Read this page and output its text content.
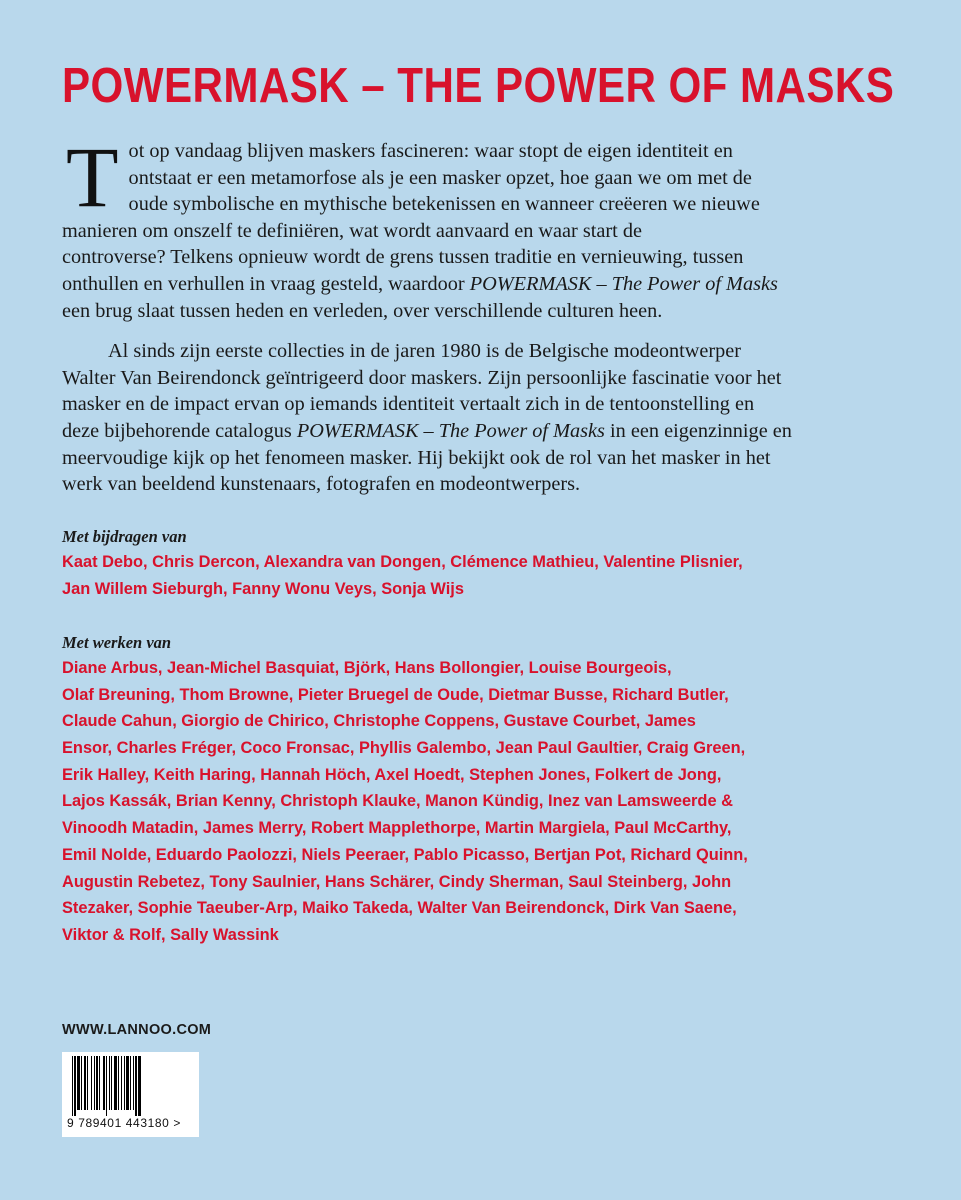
POWERMASK – THE POWER OF MASKS
T ot op vandaag blijven maskers fascineren: waar stopt de eigen identiteit en
ontstaat er een metamorfose als je een masker opzet, hoe gaan we om met de
oude symbolische en mythische betekenissen en wanneer creëeren we nieuwe
manieren om onszelf te definiëren, wat wordt aanvaard en waar start de
controverse? Telkens opnieuw wordt de grens tussen traditie en vernieuwing, tussen
onthullen en verhullen in vraag gesteld, waardoor POWERMASK – The Power of Masks
een brug slaat tussen heden en verleden, over verschillende culturen heen.
Al sinds zijn eerste collecties in de jaren 1980 is de Belgische modeontwerper
Walter Van Beirendonck geïntrigeerd door maskers. Zijn persoonlijke fascinatie voor het
masker en de impact ervan op iemands identiteit vertaalt zich in de tentoonstelling en
deze bijbehorende catalogus POWERMASK – The Power of Masks in een eigenzinnige en
meervoudige kijk op het fenomeen masker. Hij bekijkt ook de rol van het masker in het
werk van beeldend kunstenaars, fotografen en modeontwerpers.
Met bijdragen van
Kaat Debo, Chris Dercon, Alexandra van Dongen, Clémence Mathieu, Valentine Plisnier,
Jan Willem Sieburgh, Fanny Wonu Veys, Sonja Wijs
Met werken van
Diane Arbus, Jean-Michel Basquiat, Björk, Hans Bollongier, Louise Bourgeois,
Olaf Breuning, Thom Browne, Pieter Bruegel de Oude, Dietmar Busse, Richard Butler,
Claude Cahun, Giorgio de Chirico, Christophe Coppens, Gustave Courbet, James
Ensor, Charles Fréger, Coco Fronsac, Phyllis Galembo, Jean Paul Gaultier, Craig Green,
Erik Halley, Keith Haring, Hannah Höch, Axel Hoedt, Stephen Jones, Folkert de Jong,
Lajos Kassák, Brian Kenny, Christoph Klauke, Manon Kündig, Inez van Lamsweerde &
Vinoodh Matadin, James Merry, Robert Mapplethorpe, Martin Margiela, Paul McCarthy,
Emil Nolde, Eduardo Paolozzi, Niels Peeraer, Pablo Picasso, Bertjan Pot, Richard Quinn,
Augustin Rebetez, Tony Saulnier, Hans Schärer, Cindy Sherman, Saul Steinberg, John
Stezaker, Sophie Taeuber-Arp, Maiko Takeda, Walter Van Beirendonck, Dirk Van Saene,
Viktor & Rolf, Sally Wassink
WWW.LANNOO.COM
9 789401 443180 >
